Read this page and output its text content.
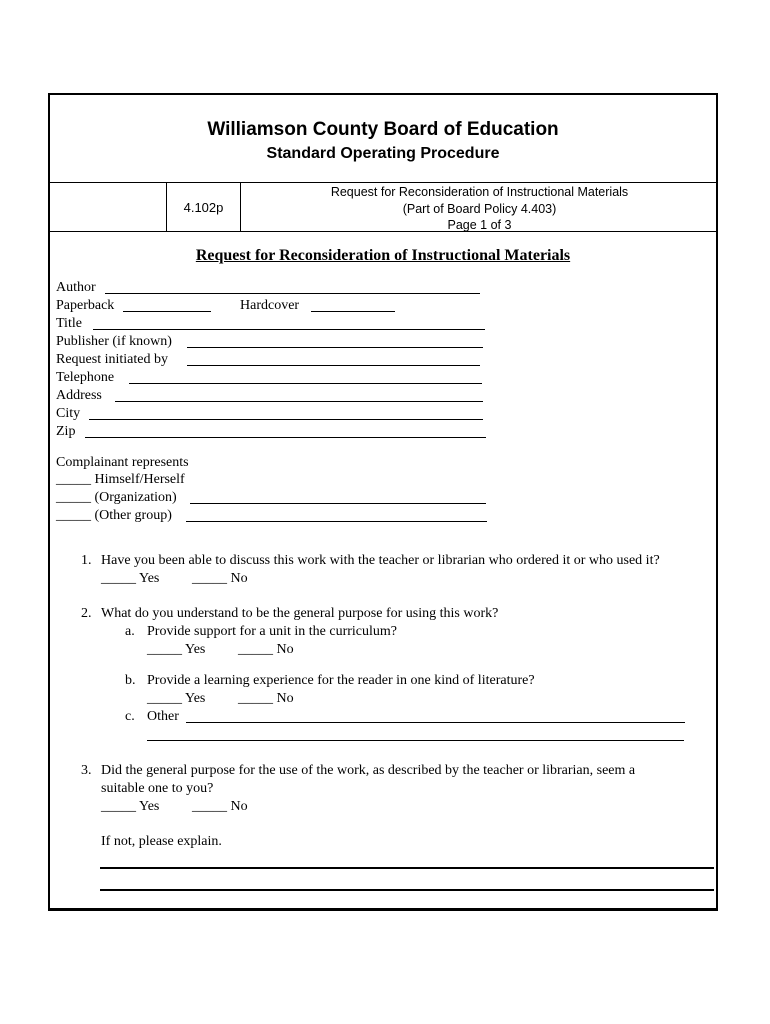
Williamson County Board of Education
Standard Operating Procedure
4.102p
Request for Reconsideration of Instructional Materials
(Part of Board Policy 4.403)
Page 1 of 3
Request for Reconsideration of Instructional Materials
Author
Paperback	Hardcover
Title
Publisher (if known)
Request initiated by
Telephone
Address
City
Zip
Complainant represents
_____ Himself/Herself
_____ (Organization)
_____ (Other group)
1. Have you been able to discuss this work with the teacher or librarian who ordered it or who used it?
_____ Yes _____ No
2. What do you understand to be the general purpose for using this work?
a. Provide support for a unit in the curriculum?
_____ Yes _____ No
b. Provide a learning experience for the reader in one kind of literature?
_____ Yes _____ No
c. Other
3. Did the general purpose for the use of the work, as described by the teacher or librarian, seem a
suitable one to you?
_____ Yes _____ No
If not, please explain.
